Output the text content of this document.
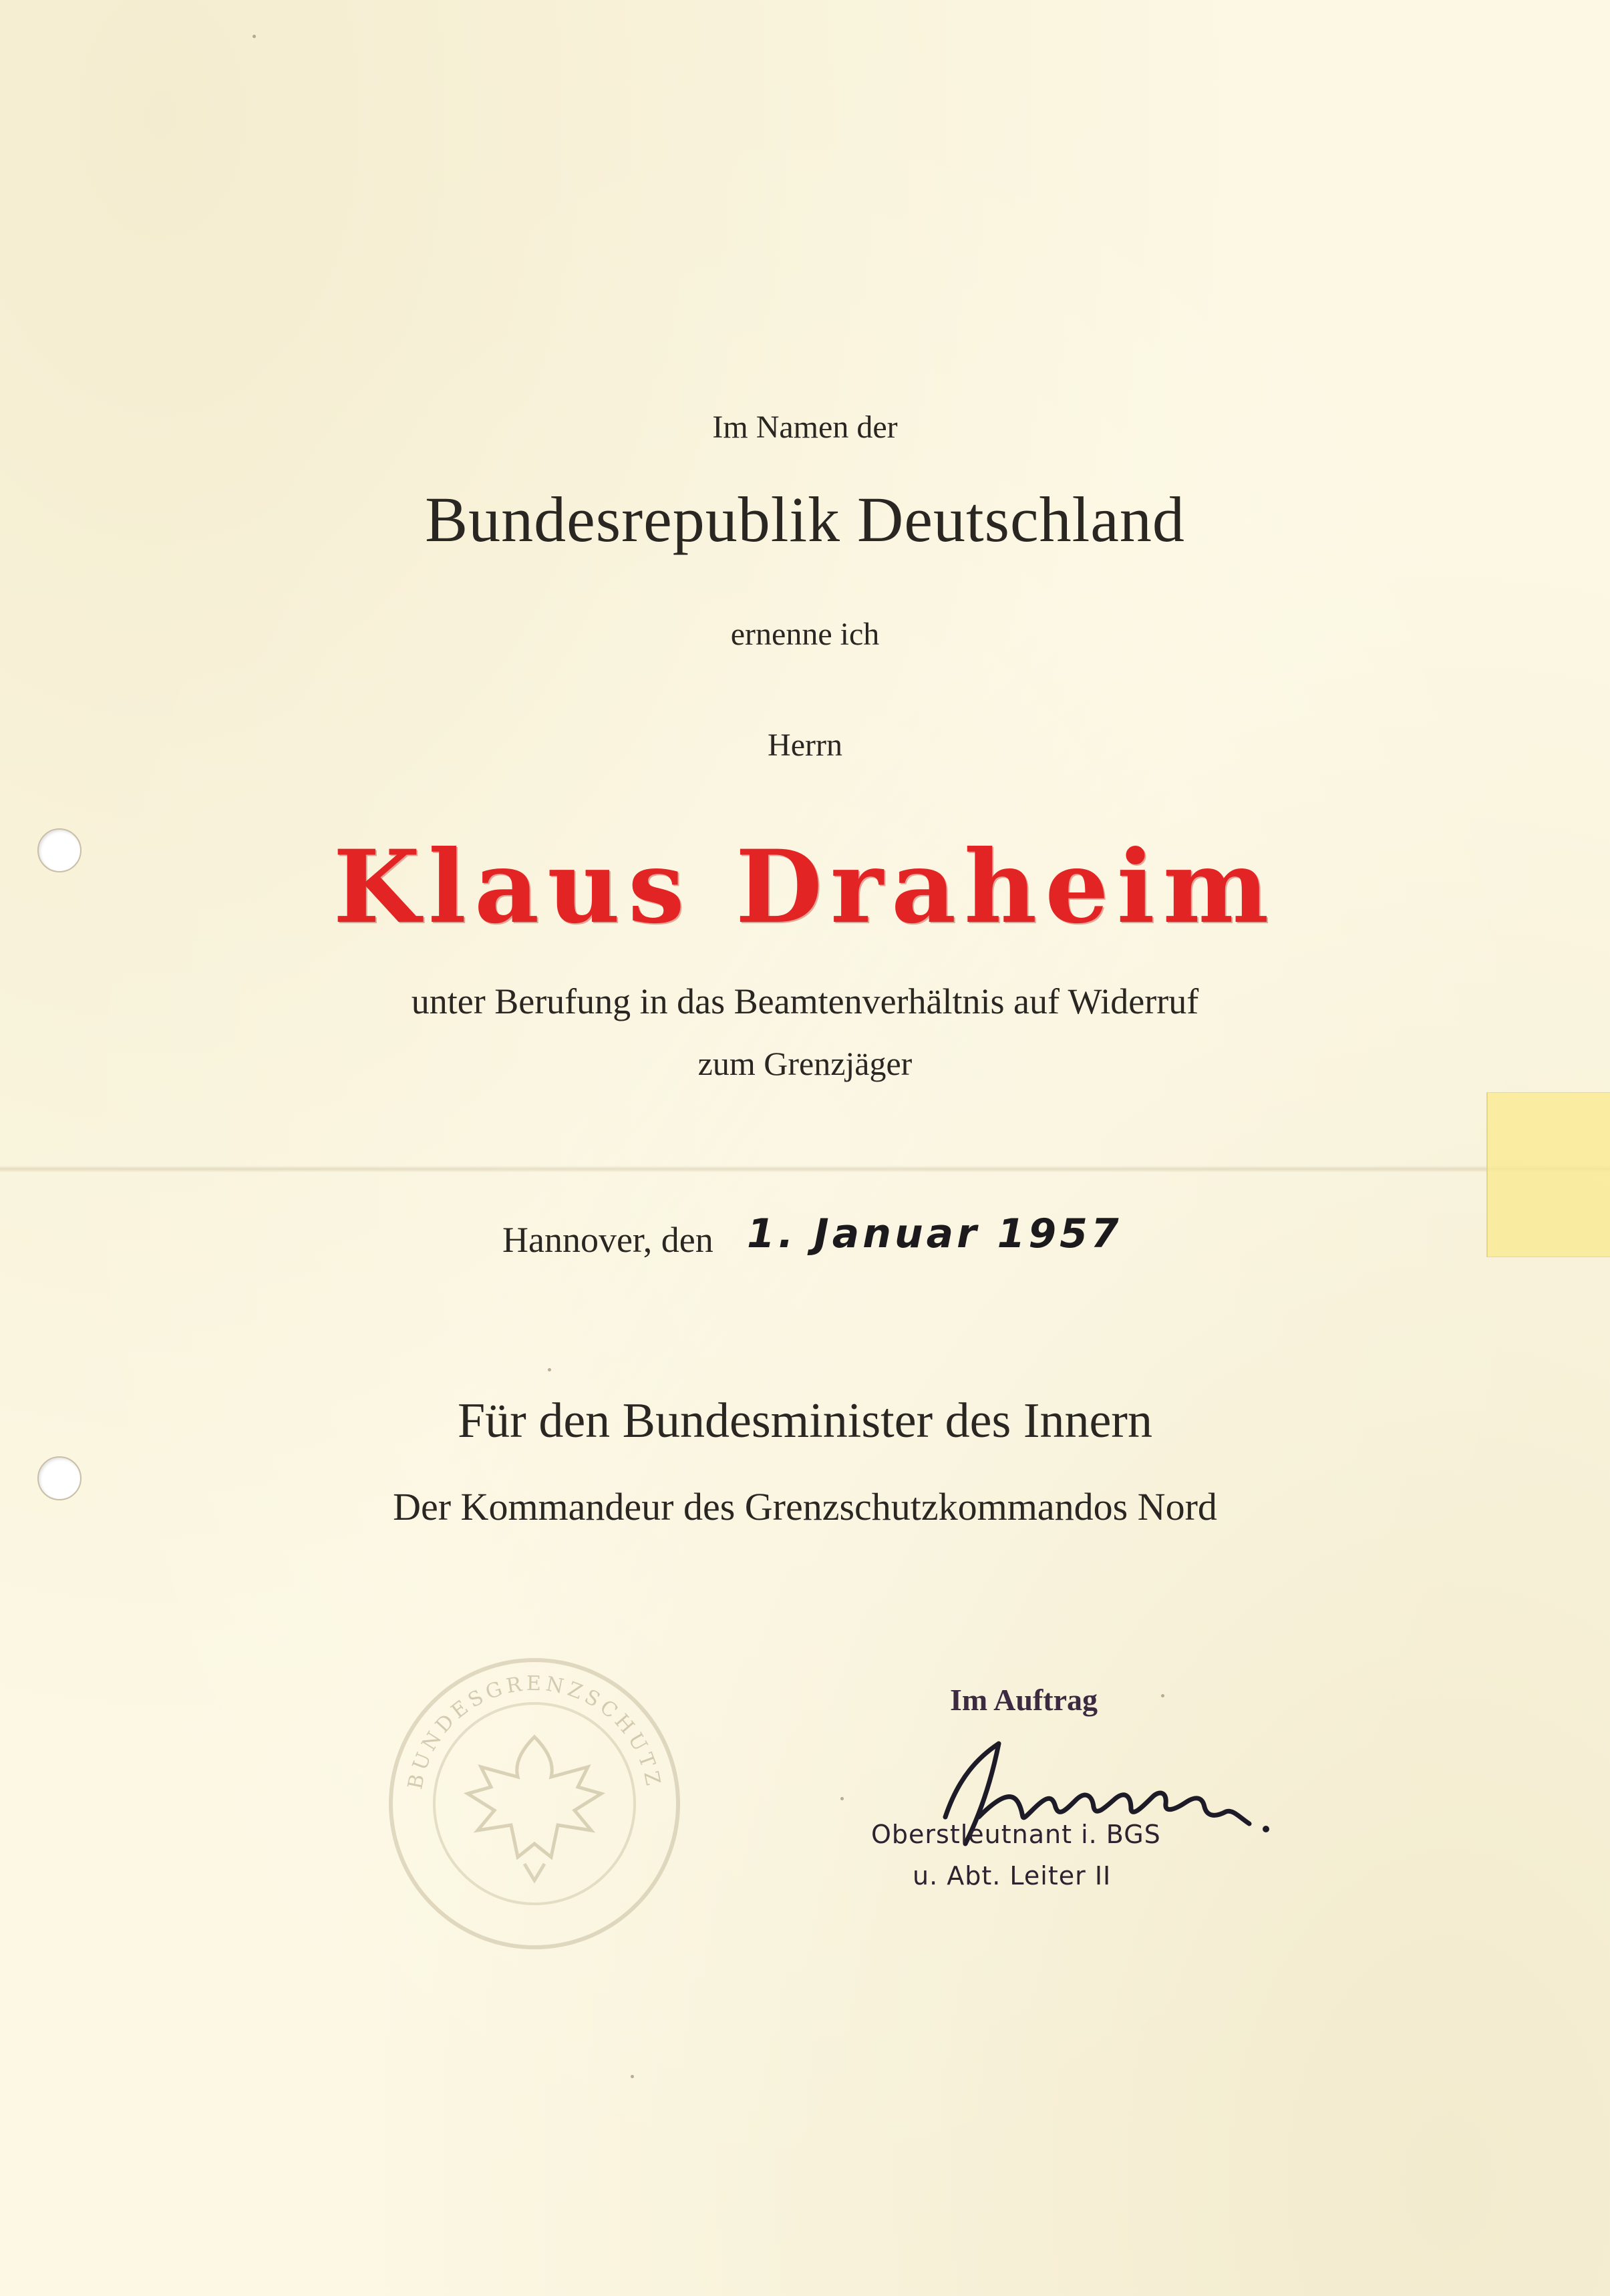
Im Namen der
Bundesrepublik Deutschland
ernenne ich
Herrn
Klaus Draheim
unter Berufung in das Beamtenverhältnis auf Widerruf
zum Grenzjäger
Hannover, den 1. Januar 1957
Für den Bundesminister des Innern
Der Kommandeur des Grenzschutzkommandos Nord
BUNDESGRENZSCHUTZ
Im Auftrag
Oberstleutnant i. BGS
u. Abt. Leiter II
